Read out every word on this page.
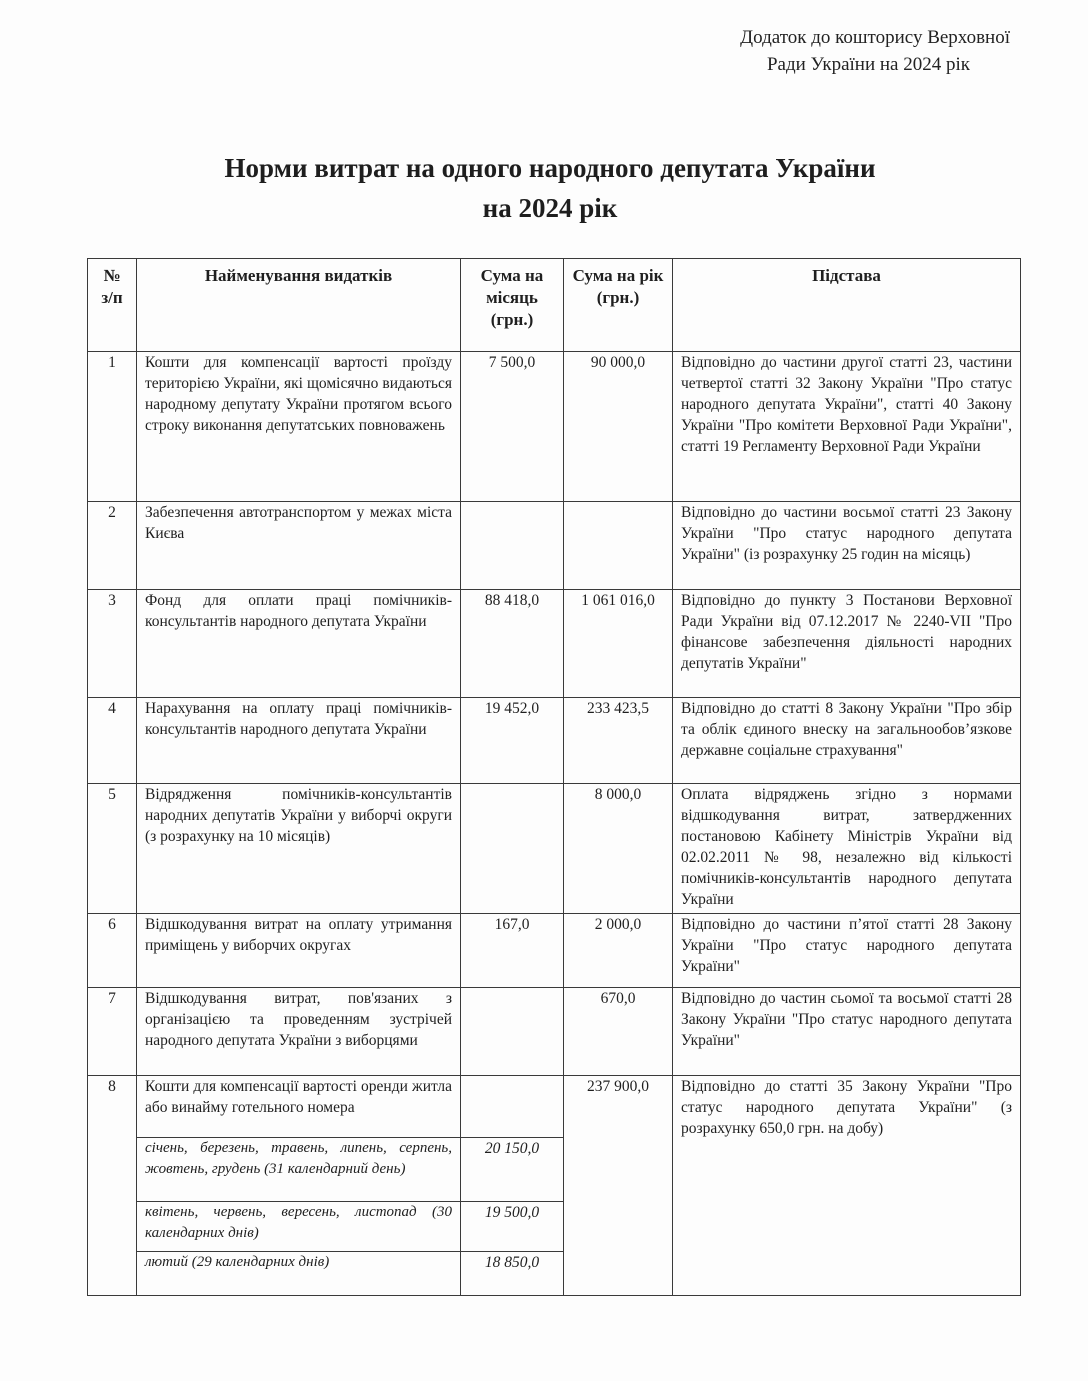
Додаток до кошторису Верховної
Ради України на 2024 рік
Норми витрат на одного народного депутата України
на 2024 рік
№ з/п	Найменування видатків	Сума на місяць (грн.)	Сума на рік (грн.)	Підстава
1	Кошти для компенсації вартості проїзду територією України, які щомісячно видаються народному депутату України протягом всього строку виконання депутатських повноважень	7 500,0	90 000,0	Відповідно до частини другої статті 23, частини четвертої статті 32 Закону України "Про статус народного депутата України", статті 40 Закону України "Про комітети Верховної Ради України", статті 19 Регламенту Верховної Ради України
2	Забезпечення автотранспортом у межах міста Києва			Відповідно до частини восьмої статті 23 Закону України "Про статус народного депутата України" (із розрахунку 25 годин на місяць)
3	Фонд для оплати праці помічників-консультантів народного депутата України	88 418,0	1 061 016,0	Відповідно до пункту 3 Постанови Верховної Ради України від 07.12.2017 № 2240-VII "Про фінансове забезпечення діяльності народних депутатів України"
4	Нарахування на оплату праці помічників-консультантів народного депутата України	19 452,0	233 423,5	Відповідно до статті 8 Закону України "Про збір та облік єдиного внеску на загальнообов’язкове державне соціальне страхування"
5	Відрядження помічників-консультантів народних депутатів України у виборчі округи (з розрахунку на 10 місяців)		8 000,0	Оплата відряджень згідно з нормами відшкодування витрат, затвердженних постановою Кабінету Міністрів України від 02.02.2011 № 98, незалежно від кількості помічників-консультантів народного депутата України
6	Відшкодування витрат на оплату утримання приміщень у виборчих округах	167,0	2 000,0	Відповідно до частини п’ятої статті 28 Закону України "Про статус народного депутата України"
7	Відшкодування витрат, пов'язаних з організацією та проведенням зустрічей народного депутата України з виборцями		670,0	Відповідно до частин сьомої та восьмої статті 28 Закону України "Про статус народного депутата України"
8	Кошти для компенсації вартості оренди житла або винайму готельного номера		237 900,0	Відповідно до статті 35 Закону України "Про статус народного депутата України" (з розрахунку 650,0 грн. на добу)
	січень, березень, травень, липень, серпень, жовтень, грудень (31 календарний день)	20 150,0		
	квітень, червень, вересень, листопад (30 календарних днів)	19 500,0		
	лютий (29 календарних днів)	18 850,0		
